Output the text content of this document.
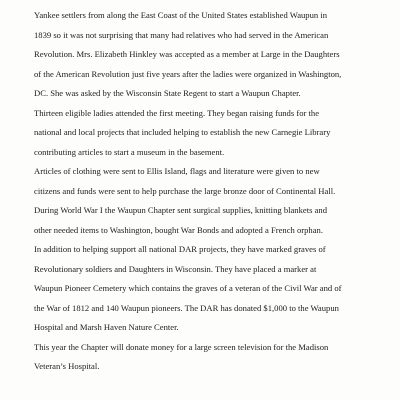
Yankee settlers from along the East Coast of the United States established Waupun in
1839 so it was not surprising that many had relatives who had served in the American
Revolution. Mrs. Elizabeth Hinkley was accepted as a member at Large in the Daughters
of the American Revolution just five years after the ladies were organized in Washington,
DC. She was asked by the Wisconsin State Regent to start a Waupun Chapter.
Thirteen eligible ladies attended the first meeting. They began raising funds for the
national and local projects that included helping to establish the new Carnegie Library
contributing articles to start a museum in the basement.
Articles of clothing were sent to Ellis Island, flags and literature were given to new
citizens and funds were sent to help purchase the large bronze door of Continental Hall.
During World War I the Waupun Chapter sent surgical supplies, knitting blankets and
other needed items to Washington, bought War Bonds and adopted a French orphan.
In addition to helping support all national DAR projects, they have marked graves of
Revolutionary soldiers and Daughters in Wisconsin. They have placed a marker at
Waupun Pioneer Cemetery which contains the graves of a veteran of the Civil War and of
the War of 1812 and 140 Waupun pioneers. The DAR has donated $1,000 to the Waupun
Hospital and Marsh Haven Nature Center.
This year the Chapter will donate money for a large screen television for the Madison
Veteran’s Hospital.
